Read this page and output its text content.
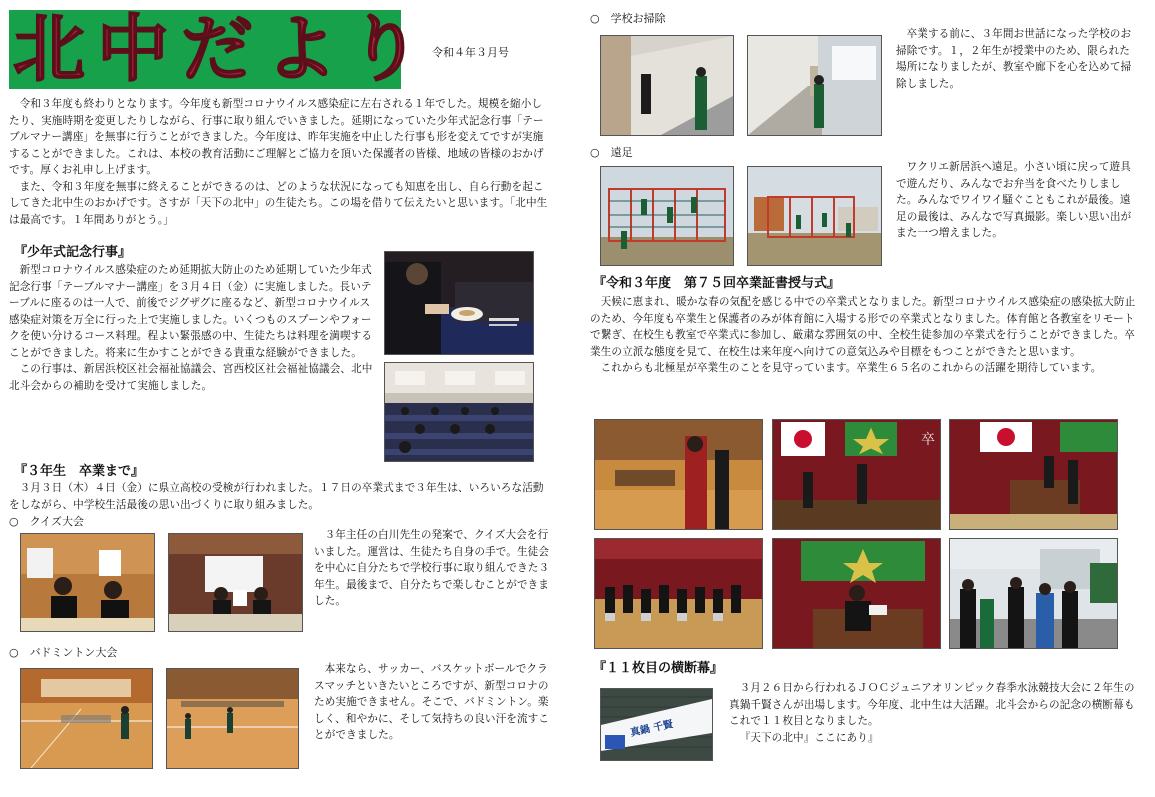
北中だより
令和４年３月号

令和３年度も終わりとなります。今年度も新型コロナウイルス感染症に左右される１年でした。規模を縮小したり、実施時期を変更したりしながら、行事に取り組んでいきました。延期になっていた少年式記念行事「テーブルマナー講座」を無事に行うことができました。今年度は、昨年実施を中止した行事も形を変えてですが実施することができました。これは、本校の教育活動にご理解とご協力を頂いた保護者の皆様、地域の皆様のおかげです。厚くお礼申し上げます。

また、令和３年度を無事に終えることができるのは、どのような状況になっても知恵を出し、自ら行動を起こしてきた北中生のおかげです。さすが「天下の北中」の生徒たち。この場を借りて伝えたいと思います。「北中生は最高です。１年間ありがとう。」

『少年式記念行事』

新型コロナウイルス感染症のため延期拡大防止のため延期していた少年式記念行事「テーブルマナー講座」を３月４日（金）に実施しました。長いテーブルに座るのは一人で、前後でジグザグに座るなど、新型コロナウイルス感染症対策を万全に行った上で実施しました。いくつものスプーンやフォークを使い分けるコース料理。程よい緊張感の中、生徒たちは料理を満喫することができました。将来に生かすことができる貴重な経験ができました。

この行事は、新居浜校区社会福祉協議会、宮西校区社会福祉協議会、北中北斗会からの補助を受けて実施しました。

『３年生　卒業まで』
３月３日（木）４日（金）に県立高校の受検が行われました。１７日の卒業式まで３年生は、いろいろな活動をしながら、中学校生活最後の思い出づくりに取り組みました。
○　クイズ大会

３年主任の白川先生の発案で、クイズ大会を行いました。運営は、生徒たち自身の手で。生徒会を中心に自分たちで学校行事に取り組んできた３年生。最後まで、自分たちで楽しむことができました。

○　バドミントン大会

本来なら、サッカー、バスケットボールでクラスマッチといきたいところですが、新型コロナのため実施できません。そこで、バドミントン。楽しく、和やかに、そして気持ちの良い汗を流すことができました。

○　学校お掃除

卒業する前に、３年間お世話になった学校のお掃除です。１，２年生が授業中のため、限られた場所になりましたが、教室や廊下を心を込めて掃除しました。

○　遠足

ワクリエ新居浜へ遠足。小さい頃に戻って遊具で遊んだり、みんなでお弁当を食べたりしました。みんなでワイワイ騒ぐこともこれが最後。遠足の最後は、みんなで写真撮影。楽しい思い出がまた一つ増えました。

『令和３年度　第７５回卒業証書授与式』

天候に恵まれ、暖かな春の気配を感じる中での卒業式となりました。新型コロナウイルス感染症の感染拡大防止のため、今年度も卒業生と保護者のみが体育館に入場する形での卒業式となりました。体育館と各教室をリモートで繋ぎ、在校生も教室で卒業式に参加し、厳粛な雰囲気の中、全校生徒参加の卒業式を行うことができました。卒業生の立派な態度を見て、在校生は来年度へ向けての意気込みや目標をもつことができたと思います。

これからも北極星が卒業生のことを見守っています。卒業生６５名のこれからの活躍を期待しています。

卒
『１１枚目の横断幕』
真鍋 千賢

３月２６日から行われるＪＯＣジュニアオリンピック春季水泳競技大会に２年生の真鍋千賢さんが出場します。今年度、北中生は大活躍。北斗会からの記念の横断幕もこれで１１枚目となりました。

『天下の北中』ここにあり』
